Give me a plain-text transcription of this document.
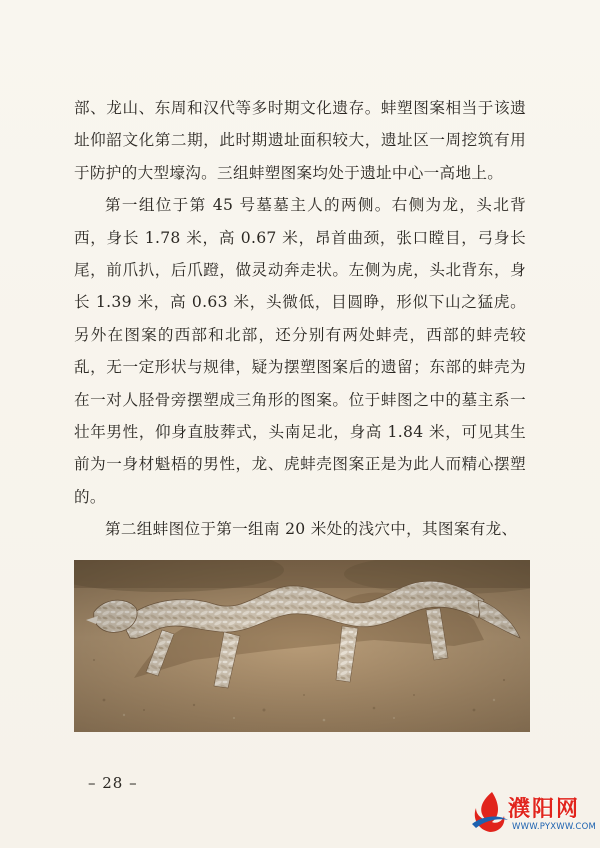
部、龙山、东周和汉代等多时期文化遗存。蚌塑图案相当于该遗址仰韶文化第二期，此时期遗址面积较大，遗址区一周挖筑有用于防护的大型壕沟。三组蚌塑图案均处于遗址中心一高地上。

第一组位于第 45 号墓墓主人的两侧。右侧为龙，头北背西，身长 1.78 米，高 0.67 米，昂首曲颈，张口瞠目，弓身长尾，前爪扒，后爪蹬，做灵动奔走状。左侧为虎，头北背东，身长 1.39 米，高 0.63 米，头微低，目圆睁，形似下山之猛虎。另外在图案的西部和北部，还分别有两处蚌壳，西部的蚌壳较乱，无一定形状与规律，疑为摆塑图案后的遗留；东部的蚌壳为在一对人胫骨旁摆塑成三角形的图案。位于蚌图之中的墓主系一壮年男性，仰身直肢葬式，头南足北，身高 1.84 米，可见其生前为一身材魁梧的男性，龙、虎蚌壳图案正是为此人而精心摆塑的。

第二组蚌图位于第一组南 20 米处的浅穴中，其图案有龙、

– 28 –
濮阳网
WWW.PYXWW.COM
